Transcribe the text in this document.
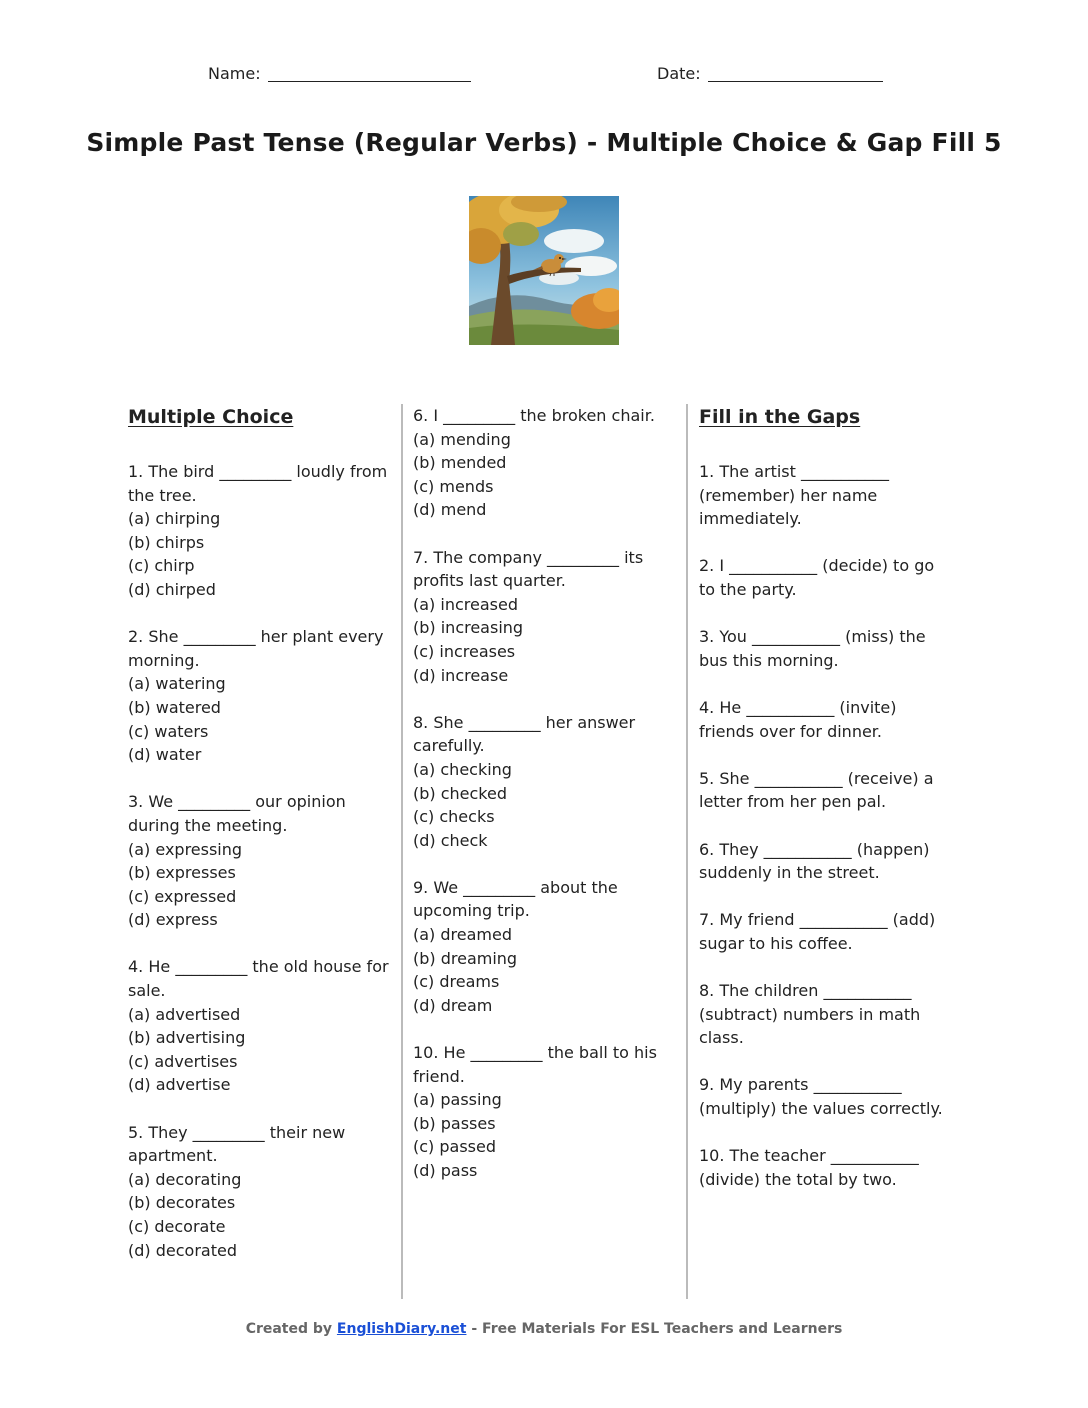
Name:	Date:
Simple Past Tense (Regular Verbs) - Multiple Choice & Gap Fill 5

Multiple Choice

1. The bird _________ loudly from the tree.

(a) chirping

(b) chirps

(c) chirp

(d) chirped

2. She _________ her plant every morning.

(a) watering

(b) watered

(c) waters

(d) water

3. We _________ our opinion during the meeting.

(a) expressing

(b) expresses

(c) expressed

(d) express

4. He _________ the old house for sale.

(a) advertised

(b) advertising

(c) advertises

(d) advertise

5. They _________ their new apartment.

(a) decorating

(b) decorates

(c) decorate

(d) decorated

6. I _________ the broken chair.

(a) mending

(b) mended

(c) mends

(d) mend

7. The company _________ its profits last quarter.

(a) increased

(b) increasing

(c) increases

(d) increase

8. She _________ her answer carefully.

(a) checking

(b) checked

(c) checks

(d) check

9. We _________ about the upcoming trip.

(a) dreamed

(b) dreaming

(c) dreams

(d) dream

10. He _________ the ball to his friend.

(a) passing

(b) passes

(c) passed

(d) pass

Fill in the Gaps

1. The artist ___________ (remember) her name immediately.

2. I ___________ (decide) to go to the party.

3. You ___________ (miss) the bus this morning.

4. He ___________ (invite) friends over for dinner.

5. She ___________ (receive) a letter from her pen pal.

6. They ___________ (happen) suddenly in the street.

7. My friend ___________ (add) sugar to his coffee.

8. The children ___________ (subtract) numbers in math class.

9. My parents ___________ (multiply) the values correctly.

10. The teacher ___________ (divide) the total by two.

Created by EnglishDiary.net - Free Materials For ESL Teachers and Learners
